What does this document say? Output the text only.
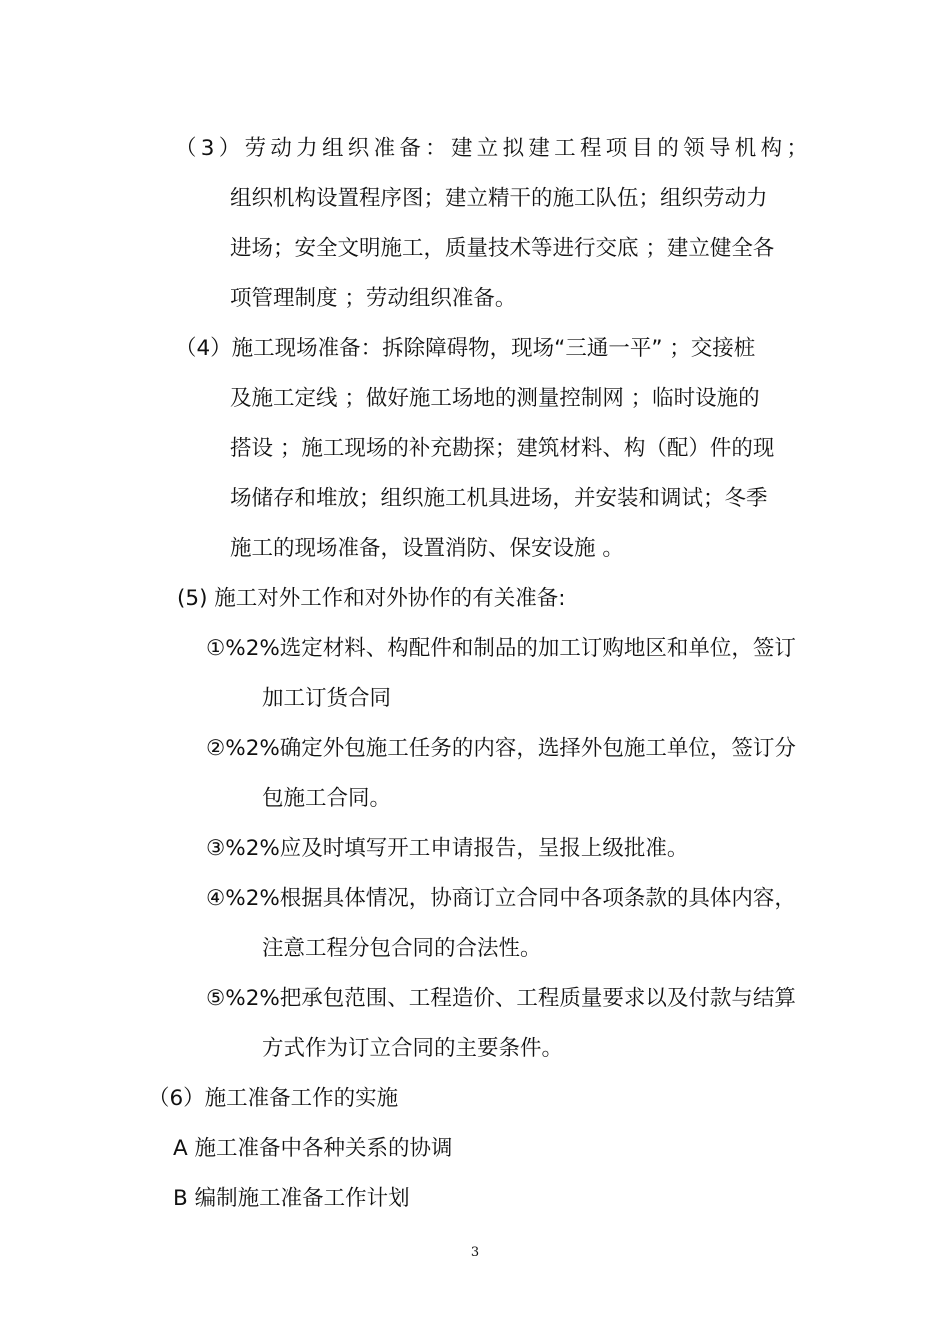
（3）劳动力组织准备：建立拟建工程项目的领导机构；
组织机构设置程序图；建立精干的施工队伍；组织劳动力
进场；安全文明施工，质量技术等进行交底 ；建立健全各
项管理制度 ；劳动组织准备。
（4）施工现场准备：拆除障碍物，现场“三通一平” ；交接桩
及施工定线 ；做好施工场地的测量控制网 ；临时设施的
搭设 ；施工现场的补充勘探；建筑材料、构（配）件的现
场储存和堆放；组织施工机具进场，并安装和调试；冬季
施工的现场准备，设置消防、保安设施 。
(5) 施工对外工作和对外协作的有关准备:
①%2%选定材料、构配件和制品的加工订购地区和单位，签订
加工订货合同
②%2%确定外包施工任务的内容，选择外包施工单位，签订分
包施工合同。
③%2%应及时填写开工申请报告，呈报上级批准。
④%2%根据具体情况，协商订立合同中各项条款的具体内容，
注意工程分包合同的合法性。
⑤%2%把承包范围、工程造价、工程质量要求以及付款与结算
方式作为订立合同的主要条件。
（6）施工准备工作的实施
A 施工准备中各种关系的协调
B 编制施工准备工作计划
3
